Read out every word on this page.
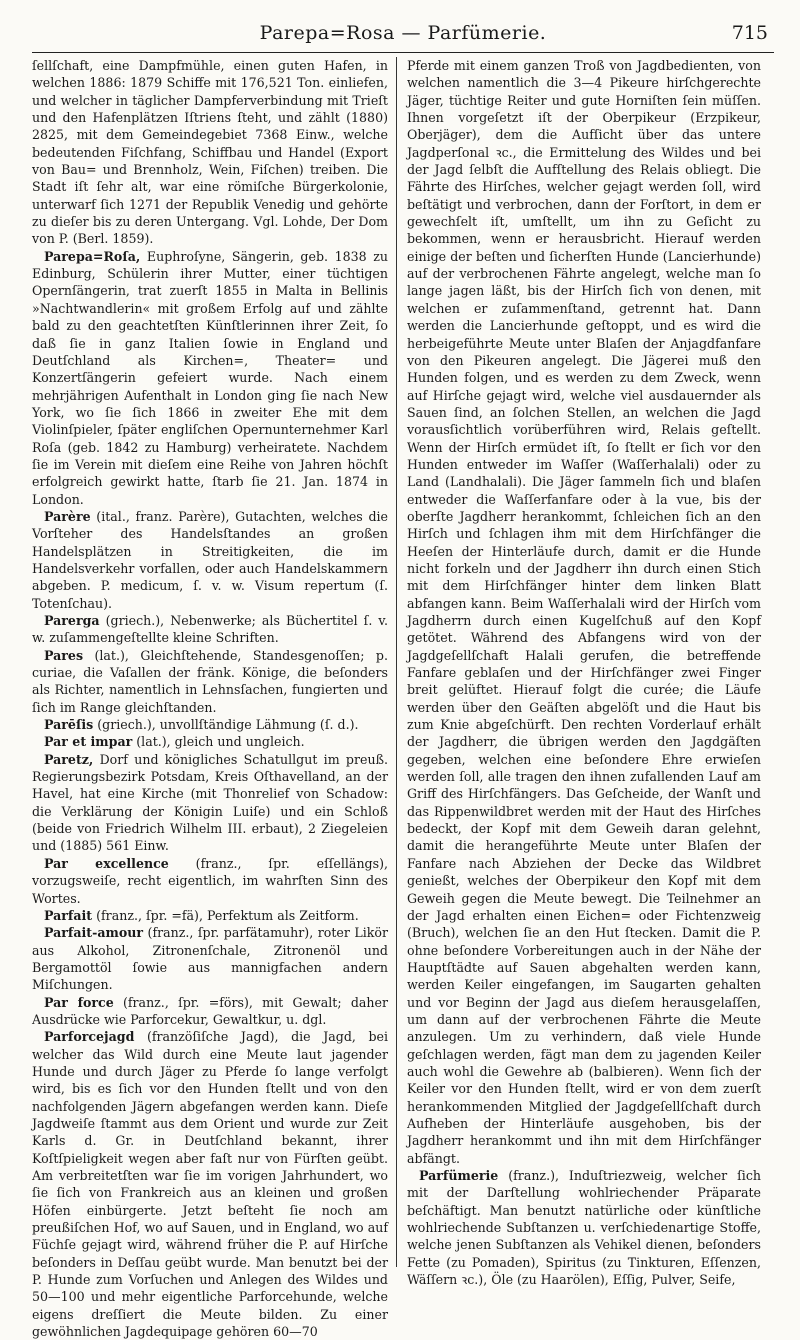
Parepa=Rosa — Parfümerie.	715

ſellſchaft, eine Dampfmühle, einen guten Hafen, in welchen 1886: 1879 Schiffe mit 176,521 Ton. einliefen, und welcher in täglicher Dampferverbindung mit Trieſt und den Hafenplätzen Iſtriens ſteht, und zählt (1880) 2825, mit dem Gemeindegebiet 7368 Einw., welche bedeutenden Fiſchfang, Schiffbau und Handel (Export von Bau= und Brennholz, Wein, Fiſchen) treiben. Die Stadt iſt ſehr alt, war eine römiſche Bürgerkolonie, unterwarf ſich 1271 der Republik Venedig und gehörte zu dieſer bis zu deren Untergang. Vgl. Lohde, Der Dom von P. (Berl. 1859).

Parepa=Roſa, Euphroſyne, Sängerin, geb. 1838 zu Edinburg, Schülerin ihrer Mutter, einer tüchtigen Opernſängerin, trat zuerſt 1855 in Malta in Bellinis »Nachtwandlerin« mit großem Erfolg auf und zählte bald zu den geachtetſten Künſtlerinnen ihrer Zeit, ſo daß ſie in ganz Italien ſowie in England und Deutſchland als Kirchen=, Theater= und Konzertſängerin gefeiert wurde. Nach einem mehrjährigen Aufenthalt in London ging ſie nach New York, wo ſie ſich 1866 in zweiter Ehe mit dem Violinſpieler, ſpäter engliſchen Opernunternehmer Karl Roſa (geb. 1842 zu Hamburg) verheiratete. Nachdem ſie im Verein mit dieſem eine Reihe von Jahren höchſt erfolgreich gewirkt hatte, ſtarb ſie 21. Jan. 1874 in London.

Parère (ital., franz. Parère), Gutachten, welches die Vorſteher des Handelsſtandes an großen Handelsplätzen in Streitigkeiten, die im Handelsverkehr vorfallen, oder auch Handelskammern abgeben. P. medicum, ſ. v. w. Visum repertum (ſ. Totenſchau).

Parerga (griech.), Nebenwerke; als Büchertitel ſ. v. w. zuſammengeſtellte kleine Schriften.

Pares (lat.), Gleichſtehende, Standesgenoſſen; p. curiae, die Vaſallen der fränk. Könige, die beſonders als Richter, namentlich in Lehnsſachen, fungierten und ſich im Range gleichſtanden.

Parēſis (griech.), unvollſtändige Lähmung (ſ. d.).

Par et impar (lat.), gleich und ungleich.

Paretz, Dorf und königliches Schatullgut im preuß. Regierungsbezirk Potsdam, Kreis Oſthavelland, an der Havel, hat eine Kirche (mit Thonrelief von Schadow: die Verklärung der Königin Luiſe) und ein Schloß (beide von Friedrich Wilhelm III. erbaut), 2 Ziegeleien und (1885) 561 Einw.

Par excellence (franz., ſpr. eſſellängs), vorzugsweiſe, recht eigentlich, im wahrſten Sinn des Wortes.

Parfait (franz., ſpr. =fä), Perfektum als Zeitform.

Parfait-amour (franz., ſpr. parfätamuhr), roter Likör aus Alkohol, Zitronenſchale, Zitronenöl und Bergamottöl ſowie aus mannigfachen andern Miſchungen.

Par force (franz., ſpr. =förs), mit Gewalt; daher Ausdrücke wie Parforcekur, Gewaltkur, u. dgl.

Parforcejagd (franzöſiſche Jagd), die Jagd, bei welcher das Wild durch eine Meute laut jagender Hunde und durch Jäger zu Pferde ſo lange verfolgt wird, bis es ſich vor den Hunden ſtellt und von den nachfolgenden Jägern abgefangen werden kann. Dieſe Jagdweiſe ſtammt aus dem Orient und wurde zur Zeit Karls d. Gr. in Deutſchland bekannt, ihrer Koſtſpieligkeit wegen aber faſt nur von Fürſten geübt. Am verbreitetſten war ſie im vorigen Jahrhundert, wo ſie ſich von Frankreich aus an kleinen und großen Höfen einbürgerte. Jetzt beſteht ſie noch am preußiſchen Hof, wo auf Sauen, und in England, wo auf Füchſe gejagt wird, während früher die P. auf Hirſche beſonders in Deſſau geübt wurde. Man benutzt bei der P. Hunde zum Vorſuchen und Anlegen des Wildes und 50—100 und mehr eigentliche Parforcehunde, welche eigens dreſſiert die Meute bilden. Zu einer gewöhnlichen Jagdequipage gehören 60—70

Pferde mit einem ganzen Troß von Jagdbedienten, von welchen namentlich die 3—4 Pikeure hirſchgerechte Jäger, tüchtige Reiter und gute Horniſten ſein müſſen. Ihnen vorgeſetzt iſt der Oberpikeur (Erzpikeur, Oberjäger), dem die Aufſicht über das untere Jagdperſonal ꝛc., die Ermittelung des Wildes und bei der Jagd ſelbſt die Aufſtellung des Relais obliegt. Die Fährte des Hirſches, welcher gejagt werden ſoll, wird beſtätigt und verbrochen, dann der Forſtort, in dem er gewechſelt iſt, umſtellt, um ihn zu Geſicht zu bekommen, wenn er herausbricht. Hierauf werden einige der beſten und ſicherſten Hunde (Lancierhunde) auf der verbrochenen Fährte angelegt, welche man ſo lange jagen läßt, bis der Hirſch ſich von denen, mit welchen er zuſammenſtand, getrennt hat. Dann werden die Lancierhunde geſtoppt, und es wird die herbeigeführte Meute unter Blaſen der Anjagdfanfare von den Pikeuren angelegt. Die Jägerei muß den Hunden folgen, und es werden zu dem Zweck, wenn auf Hirſche gejagt wird, welche viel ausdauernder als Sauen ſind, an ſolchen Stellen, an welchen die Jagd vorausſichtlich vorüberführen wird, Relais geſtellt. Wenn der Hirſch ermüdet iſt, ſo ſtellt er ſich vor den Hunden entweder im Waſſer (Waſſerhalali) oder zu Land (Landhalali). Die Jäger ſammeln ſich und blaſen entweder die Waſſerfanfare oder à la vue, bis der oberſte Jagdherr herankommt, ſchleichen ſich an den Hirſch und ſchlagen ihm mit dem Hirſchfänger die Heeſen der Hinterläufe durch, damit er die Hunde nicht forkeln und der Jagdherr ihn durch einen Stich mit dem Hirſchfänger hinter dem linken Blatt abfangen kann. Beim Waſſerhalali wird der Hirſch vom Jagdherrn durch einen Kugelſchuß auf den Kopf getötet. Während des Abfangens wird von der Jagdgeſellſchaft Halali gerufen, die betreffende Fanfare geblaſen und der Hirſchfänger zwei Finger breit gelüftet. Hierauf folgt die curée; die Läufe werden über den Geäſten abgelöſt und die Haut bis zum Knie abgeſchürft. Den rechten Vorderlauf erhält der Jagdherr, die übrigen werden den Jagdgäſten gegeben, welchen eine beſondere Ehre erwieſen werden ſoll, alle tragen den ihnen zufallenden Lauf am Griff des Hirſchfängers. Das Geſcheide, der Wanſt und das Rippenwildbret werden mit der Haut des Hirſches bedeckt, der Kopf mit dem Geweih daran gelehnt, damit die herangeführte Meute unter Blaſen der Fanfare nach Abziehen der Decke das Wildbret genießt, welches der Oberpikeur den Kopf mit dem Geweih gegen die Meute bewegt. Die Teilnehmer an der Jagd erhalten einen Eichen= oder Fichtenzweig (Bruch), welchen ſie an den Hut ſtecken. Damit die P. ohne beſondere Vorbereitungen auch in der Nähe der Hauptſtädte auf Sauen abgehalten werden kann, werden Keiler eingefangen, im Saugarten gehalten und vor Beginn der Jagd aus dieſem herausgelaſſen, um dann auf der verbrochenen Fährte die Meute anzulegen. Um zu verhindern, daß viele Hunde geſchlagen werden, fägt man dem zu jagenden Keiler auch wohl die Gewehre ab (balbieren). Wenn ſich der Keiler vor den Hunden ſtellt, wird er von dem zuerſt herankommenden Mitglied der Jagdgeſellſchaft durch Aufheben der Hinterläufe ausgehoben, bis der Jagdherr herankommt und ihn mit dem Hirſchfänger abfängt.

Parfümerie (franz.), Induſtriezweig, welcher ſich mit der Darſtellung wohlriechender Präparate beſchäftigt. Man benutzt natürliche oder künſtliche wohlriechende Subſtanzen u. verſchiedenartige Stoffe, welche jenen Subſtanzen als Vehikel dienen, beſonders Fette (zu Pomaden), Spiritus (zu Tinkturen, Eſſenzen, Wäſſern ꝛc.), Öle (zu Haarölen), Eſſig, Pulver, Seife,
